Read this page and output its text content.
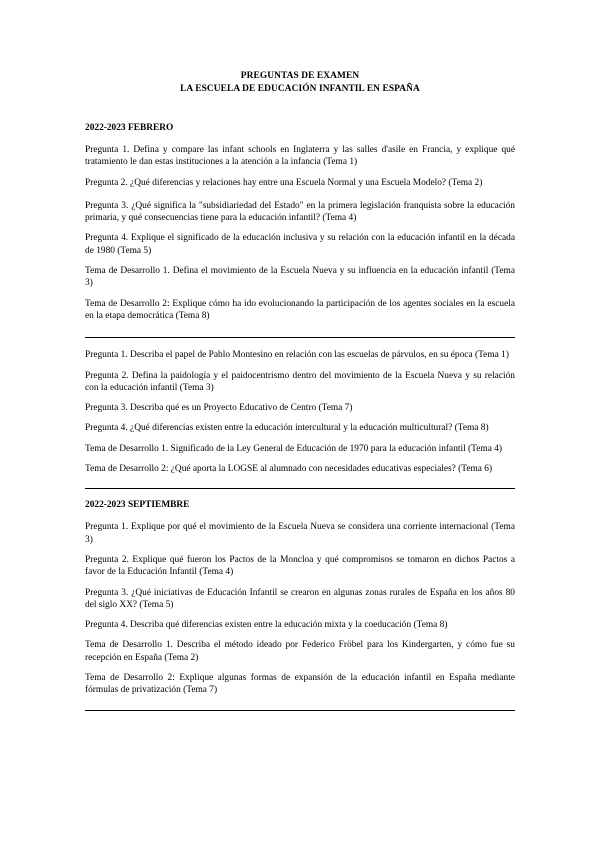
PREGUNTAS DE EXAMEN
LA ESCUELA DE EDUCACIÓN INFANTIL EN ESPAÑA

2022-2023 FEBRERO

Pregunta 1. Defina y compare las infant schools en Inglaterra y las salles d'asile en Francia, y explique qué tratamiento le dan estas instituciones a la atención a la infancia (Tema 1)

Pregunta 2. ¿Qué diferencias y relaciones hay entre una Escuela Normal y una Escuela Modelo? (Tema 2)

Pregunta 3. ¿Qué significa la "subsidiariedad del Estado" en la primera legislación franquista sobre la educación primaria, y qué consecuencias tiene para la educación infantil? (Tema 4)

Pregunta 4. Explique el significado de la educación inclusiva y su relación con la educación infantil en la década de 1980 (Tema 5)

Tema de Desarrollo 1. Defina el movimiento de la Escuela Nueva y su influencia en la educación infantil (Tema 3)

Tema de Desarrollo 2: Explique cómo ha ido evolucionando la participación de los agentes sociales en la escuela en la etapa democrática (Tema 8)

Pregunta 1. Describa el papel de Pablo Montesino en relación con las escuelas de párvulos, en su época (Tema 1)

Pregunta 2. Defina la paidología y el paidocentrismo dentro del movimiento de la Escuela Nueva y su relación con la educación infantil (Tema 3)

Pregunta 3. Describa qué es un Proyecto Educativo de Centro (Tema 7)

Pregunta 4. ¿Qué diferencias existen entre la educación intercultural y la educación multicultural? (Tema 8)

Tema de Desarrollo 1. Significado de la Ley General de Educación de 1970 para la educación infantil (Tema 4)

Tema de Desarrollo 2: ¿Qué aporta la LOGSE al alumnado con necesidades educativas especiales? (Tema 6)

2022-2023 SEPTIEMBRE

Pregunta 1. Explique por qué el movimiento de la Escuela Nueva se considera una corriente internacional (Tema 3)

Pregunta 2. Explique qué fueron los Pactos de la Moncloa y qué compromisos se tomaron en dichos Pactos a favor de la Educación Infantil (Tema 4)

Pregunta 3. ¿Qué iniciativas de Educación Infantil se crearon en algunas zonas rurales de España en los años 80 del siglo XX? (Tema 5)

Pregunta 4. Describa qué diferencias existen entre la educación mixta y la coeducación (Tema 8)

Tema de Desarrollo 1. Describa el método ideado por Federico Fröbel para los Kindergarten, y cómo fue su recepción en España (Tema 2)

Tema de Desarrollo 2: Explique algunas formas de expansión de la educación infantil en España mediante fórmulas de privatización (Tema 7)
